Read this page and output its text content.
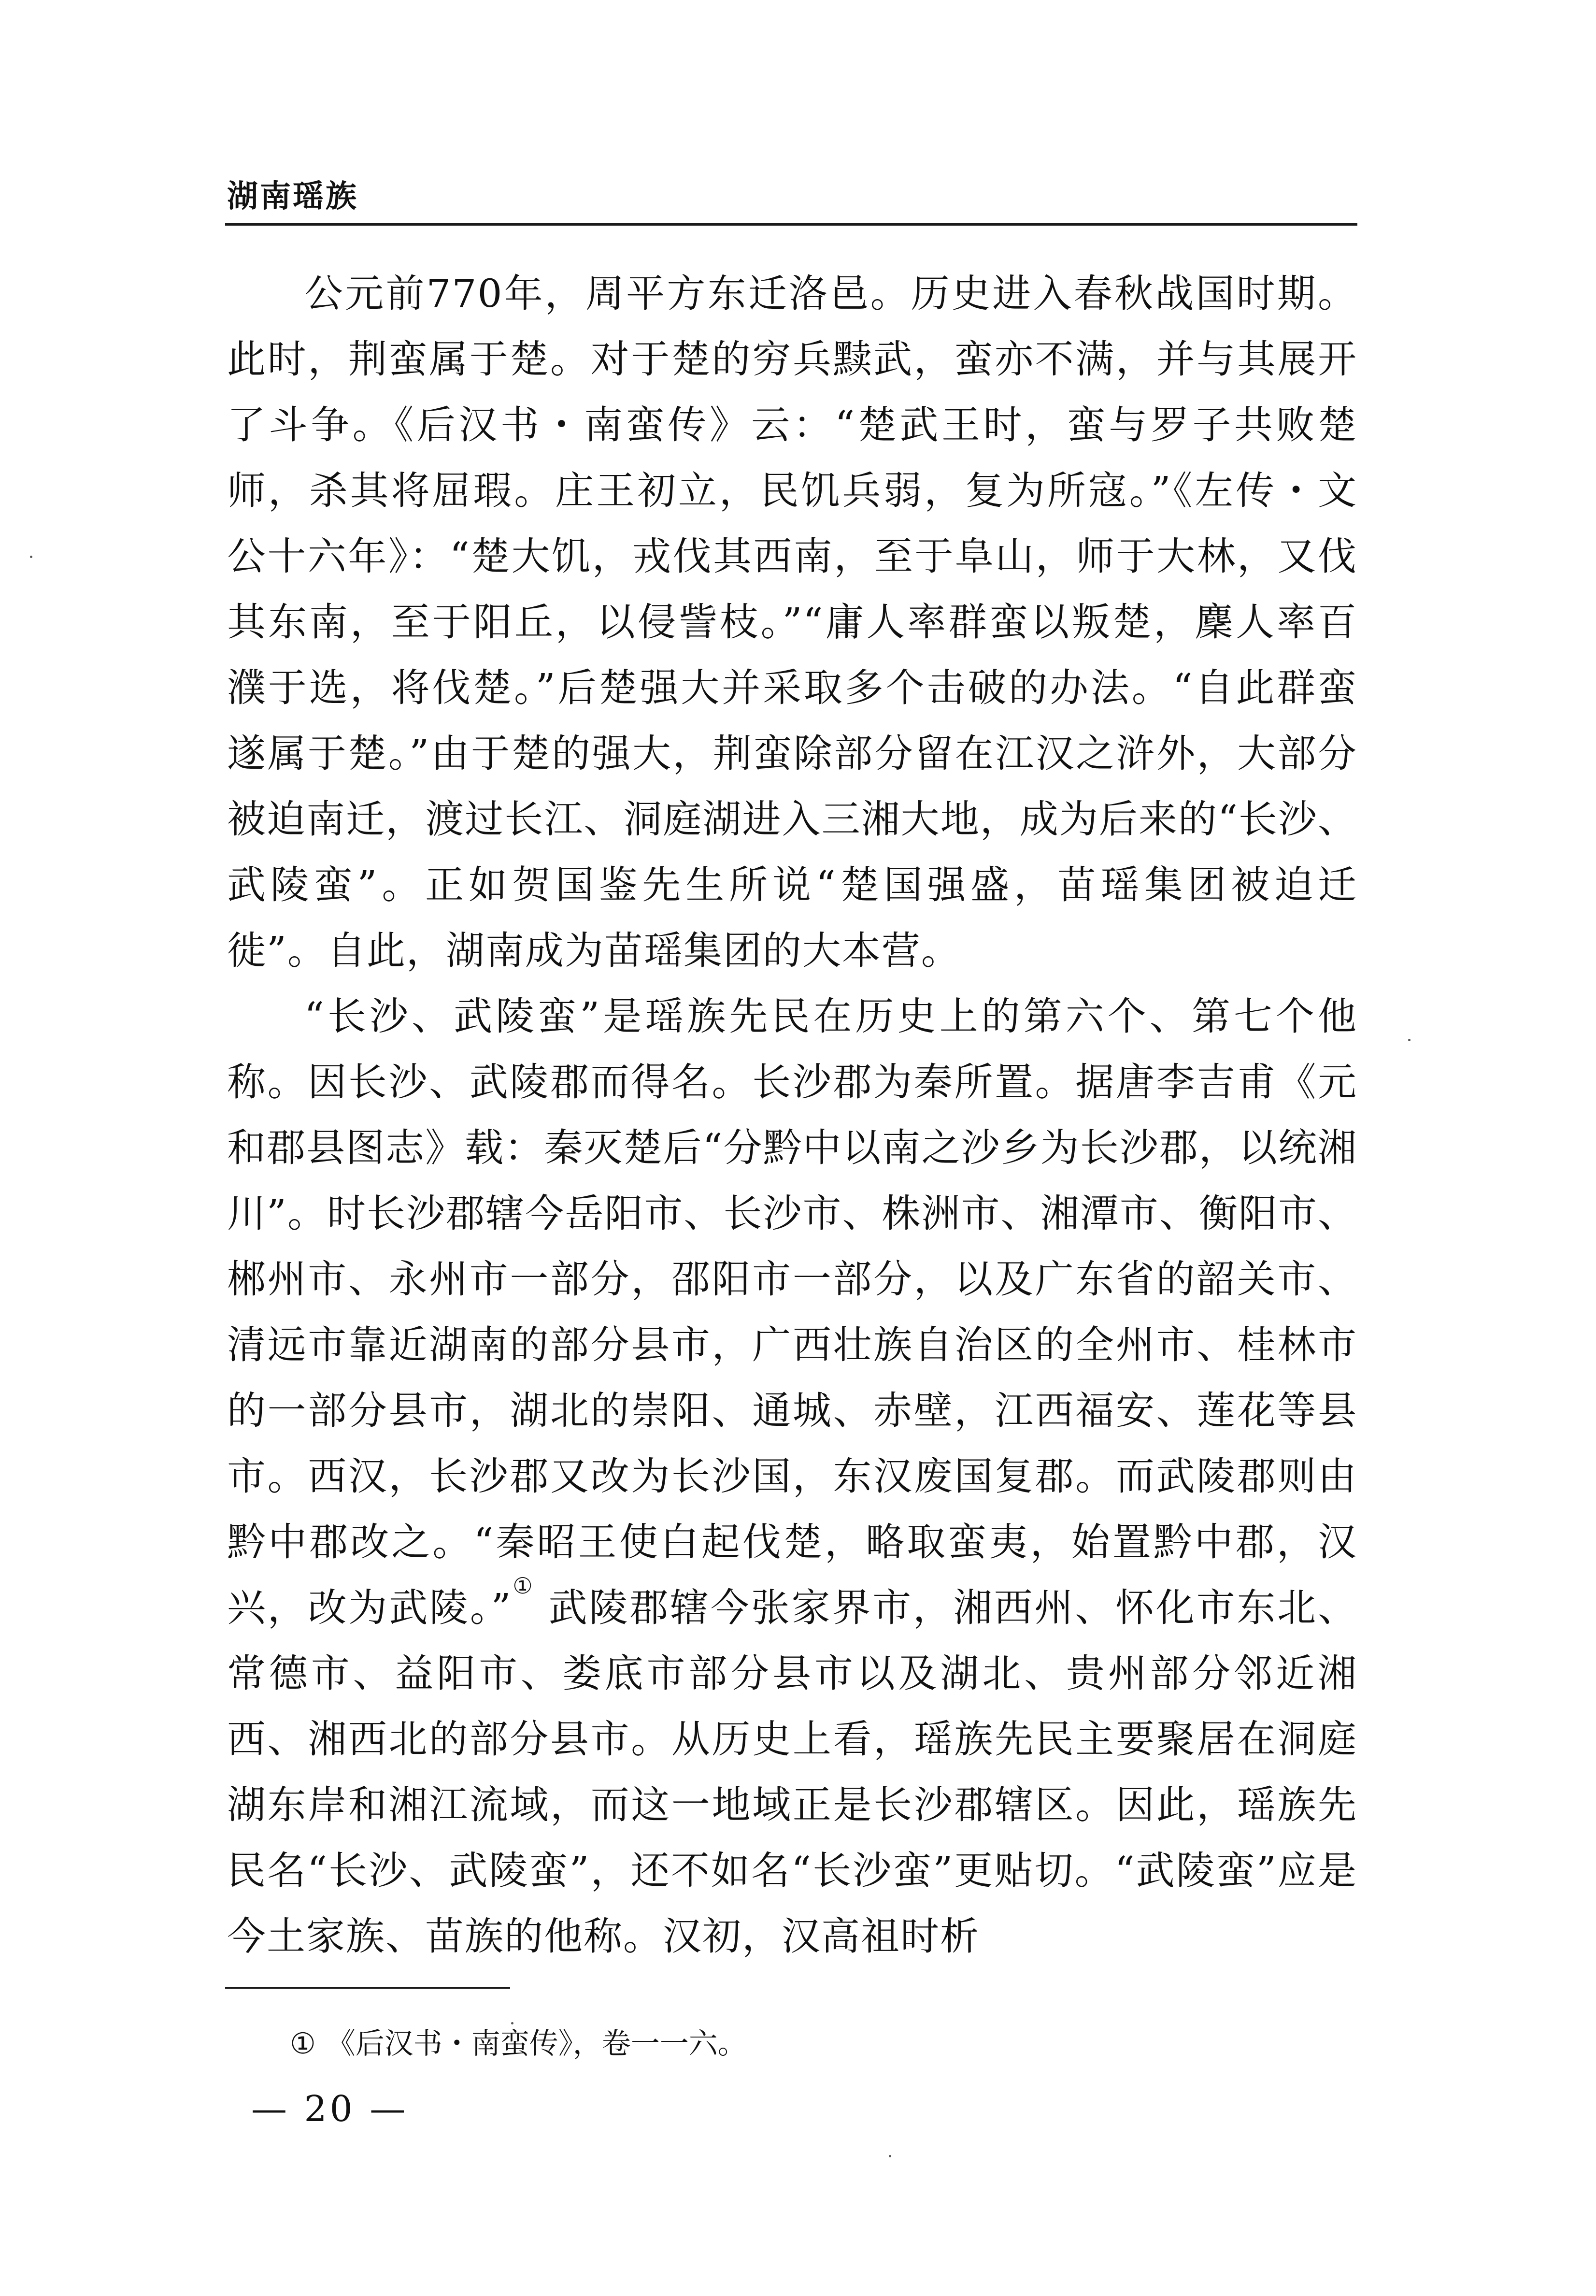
湖南瑶族

公元前770年，周平方东迁洛邑。历史进入春秋战国时期。此时，荆蛮属于楚。对于楚的穷兵黩武，蛮亦不满，并与其展开了斗争。《后汉书・南蛮传》云：“楚武王时，蛮与罗子共败楚师，杀其将屈瑕。庄王初立，民饥兵弱，复为所寇。”《左传・文公十六年》：“楚大饥，戎伐其西南，至于阜山，师于大林，又伐其东南，至于阳丘，以侵訾枝。”“庸人率群蛮以叛楚，麇人率百濮于选，将伐楚。”后楚强大并采取多个击破的办法。“自此群蛮遂属于楚。”由于楚的强大，荆蛮除部分留在江汉之浒外，大部分被迫南迁，渡过长江、洞庭湖进入三湘大地，成为后来的“长沙、武陵蛮”。正如贺国鉴先生所说“楚国强盛，苗瑶集团被迫迁徙”。自此，湖南成为苗瑶集团的大本营。

“长沙、武陵蛮”是瑶族先民在历史上的第六个、第七个他称。因长沙、武陵郡而得名。长沙郡为秦所置。据唐李吉甫《元和郡县图志》载：秦灭楚后“分黔中以南之沙乡为长沙郡，以统湘川”。时长沙郡辖今岳阳市、长沙市、株洲市、湘潭市、衡阳市、郴州市、永州市一部分，邵阳市一部分，以及广东省的韶关市、清远市靠近湖南的部分县市，广西壮族自治区的全州市、桂林市的一部分县市，湖北的崇阳、通城、赤壁，江西福安、莲花等县市。西汉，长沙郡又改为长沙国，东汉废国复郡。而武陵郡则由黔中郡改之。“秦昭王使白起伐楚，略取蛮夷，始置黔中郡，汉兴，改为武陵。”① 武陵郡辖今张家界市，湘西州、怀化市东北、常德市、益阳市、娄底市部分县市以及湖北、贵州部分邻近湘西、湘西北的部分县市。从历史上看，瑶族先民主要聚居在洞庭湖东岸和湘江流域，而这一地域正是长沙郡辖区。因此，瑶族先民名“长沙、武陵蛮”，还不如名“长沙蛮”更贴切。“武陵蛮”应是今土家族、苗族的他称。汉初，汉高祖时析

① 《后汉书・南蛮传》，卷一一六。
— 20 —
